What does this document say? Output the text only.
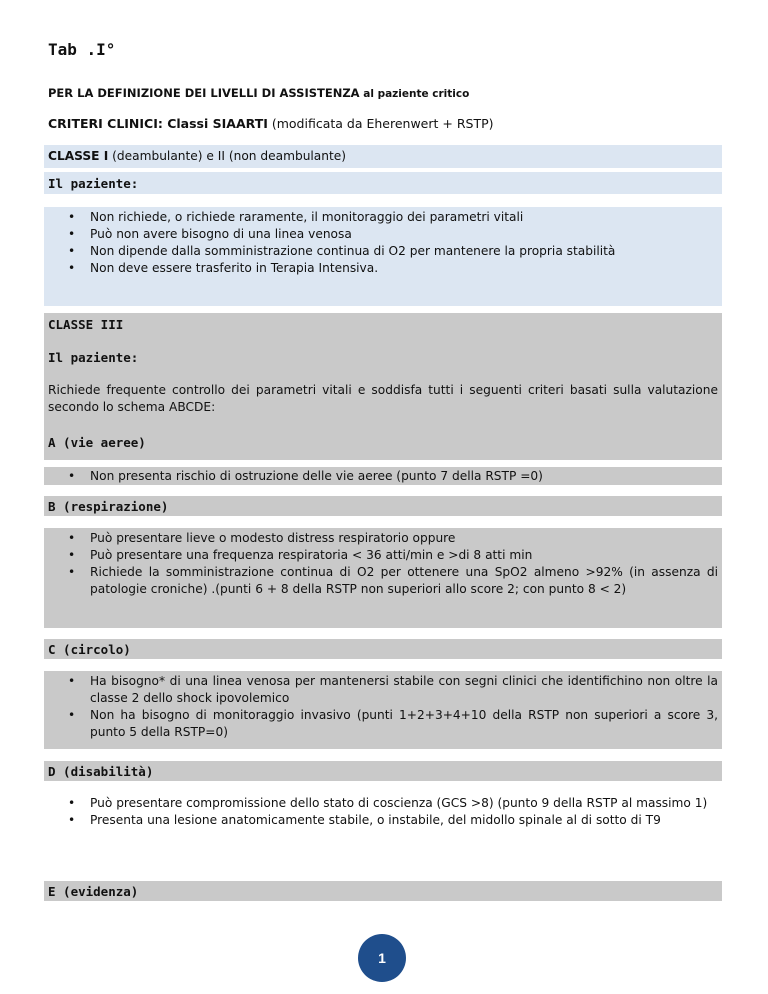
Tab .I°
PER LA DEFINIZIONE DEI LIVELLI DI ASSISTENZA al paziente critico
CRITERI CLINICI: Classi SIAARTI (modificata da Eherenwert + RSTP)
CLASSE I (deambulante) e II (non deambulante)
Il paziente:
• Non richiede, o richiede raramente, il monitoraggio dei parametri vitali
• Può non avere bisogno di una linea venosa
• Non dipende dalla somministrazione continua di O2 per mantenere la propria stabilità
• Non deve essere trasferito in Terapia Intensiva.
CLASSE III
Il paziente:
Richiede frequente controllo dei parametri vitali e soddisfa tutti i seguenti criteri basati sulla valutazione secondo lo schema ABCDE:
A (vie aeree)
• Non presenta rischio di ostruzione delle vie aeree (punto 7 della RSTP =0)
B (respirazione)
• Può presentare lieve o modesto distress respiratorio oppure
• Può presentare una frequenza respiratoria < 36 atti/min e >di 8 atti min
• Richiede la somministrazione continua di O2 per ottenere una SpO2 almeno >92% (in assenza di patologie croniche) .(punti 6 + 8 della RSTP non superiori allo score 2; con punto 8 < 2)
C (circolo)
• Ha bisogno* di una linea venosa per mantenersi stabile con segni clinici che identifichino non oltre la classe 2 dello shock ipovolemico
• Non ha bisogno di monitoraggio invasivo (punti 1+2+3+4+10 della RSTP non superiori a score 3, punto 5 della RSTP=0)
D (disabilità)
• Può presentare compromissione dello stato di coscienza (GCS >8) (punto 9 della RSTP al massimo 1)
• Presenta una lesione anatomicamente stabile, o instabile, del midollo spinale al di sotto di T9
E (evidenza)
1
